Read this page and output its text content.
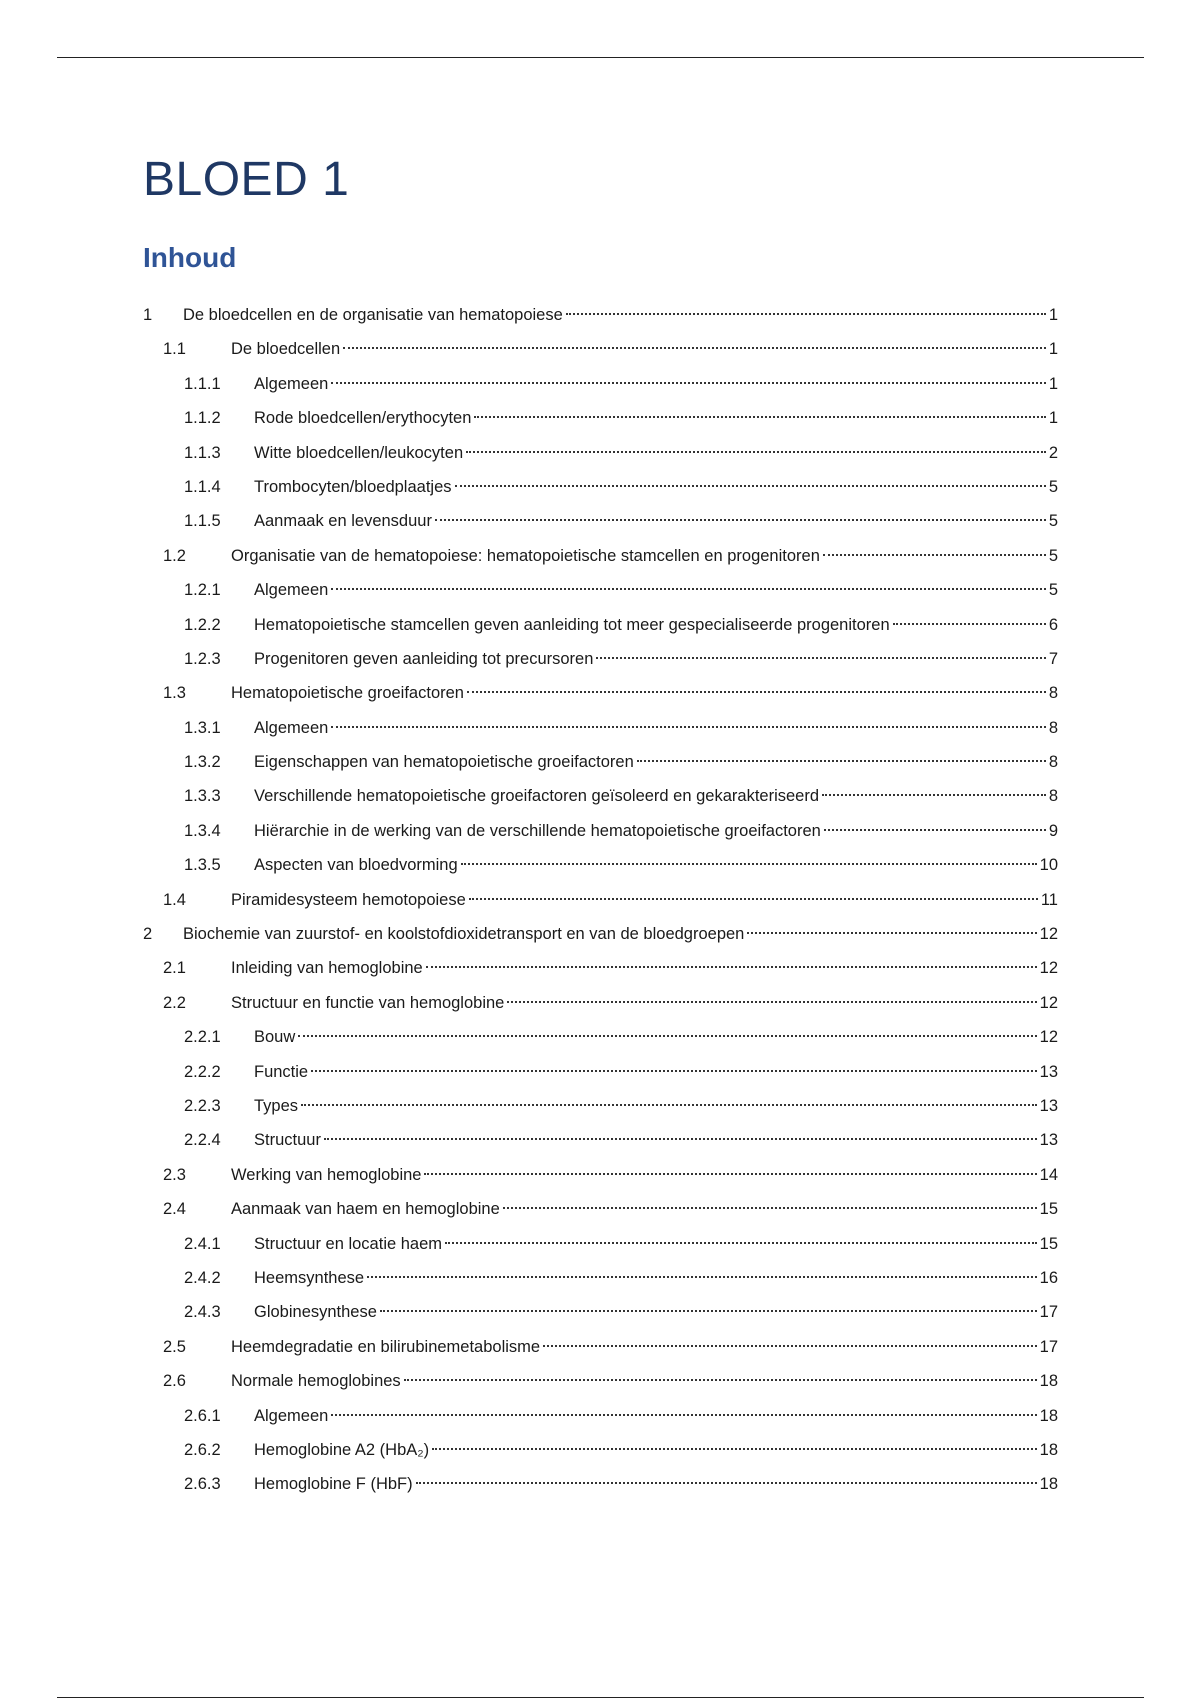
BLOED 1
Inhoud
1 De bloedcellen en de organisatie van hematopoiese	1
1.1	De bloedcellen	1
1.1.1 Algemeen	1
1.1.2 Rode bloedcellen/erythocyten	1
1.1.3 Witte bloedcellen/leukocyten	2
1.1.4 Trombocyten/bloedplaatjes	5
1.1.5 Aanmaak en levensduur	5
1.2	Organisatie van de hematopoiese: hematopoietische stamcellen en progenitoren	5
1.2.1 Algemeen	5
1.2.2 Hematopoietische stamcellen geven aanleiding tot meer gespecialiseerde progenitoren	6
1.2.3 Progenitoren geven aanleiding tot precursoren	7
1.3	Hematopoietische groeifactoren	8
1.3.1 Algemeen	8
1.3.2 Eigenschappen van hematopoietische groeifactoren	8
1.3.3 Verschillende hematopoietische groeifactoren geïsoleerd en gekarakteriseerd	8
1.3.4 Hiërarchie in de werking van de verschillende hematopoietische groeifactoren	9
1.3.5 Aspecten van bloedvorming	10
1.4	Piramidesysteem hemotopoiese	11
2 Biochemie van zuurstof- en koolstofdioxidetransport en van de bloedgroepen	12
2.1	Inleiding van hemoglobine	12
2.2	Structuur en functie van hemoglobine	12
2.2.1 Bouw	12
2.2.2 Functie	13
2.2.3 Types	13
2.2.4 Structuur	13
2.3	Werking van hemoglobine	14
2.4	Aanmaak van haem en hemoglobine	15
2.4.1 Structuur en locatie haem	15
2.4.2 Heemsynthese	16
2.4.3 Globinesynthese	17
2.5	Heemdegradatie en bilirubinemetabolisme	17
2.6	Normale hemoglobines	18
2.6.1 Algemeen	18
2.6.2 Hemoglobine A2 (HbA₂)	18
2.6.3 Hemoglobine F (HbF)	18
